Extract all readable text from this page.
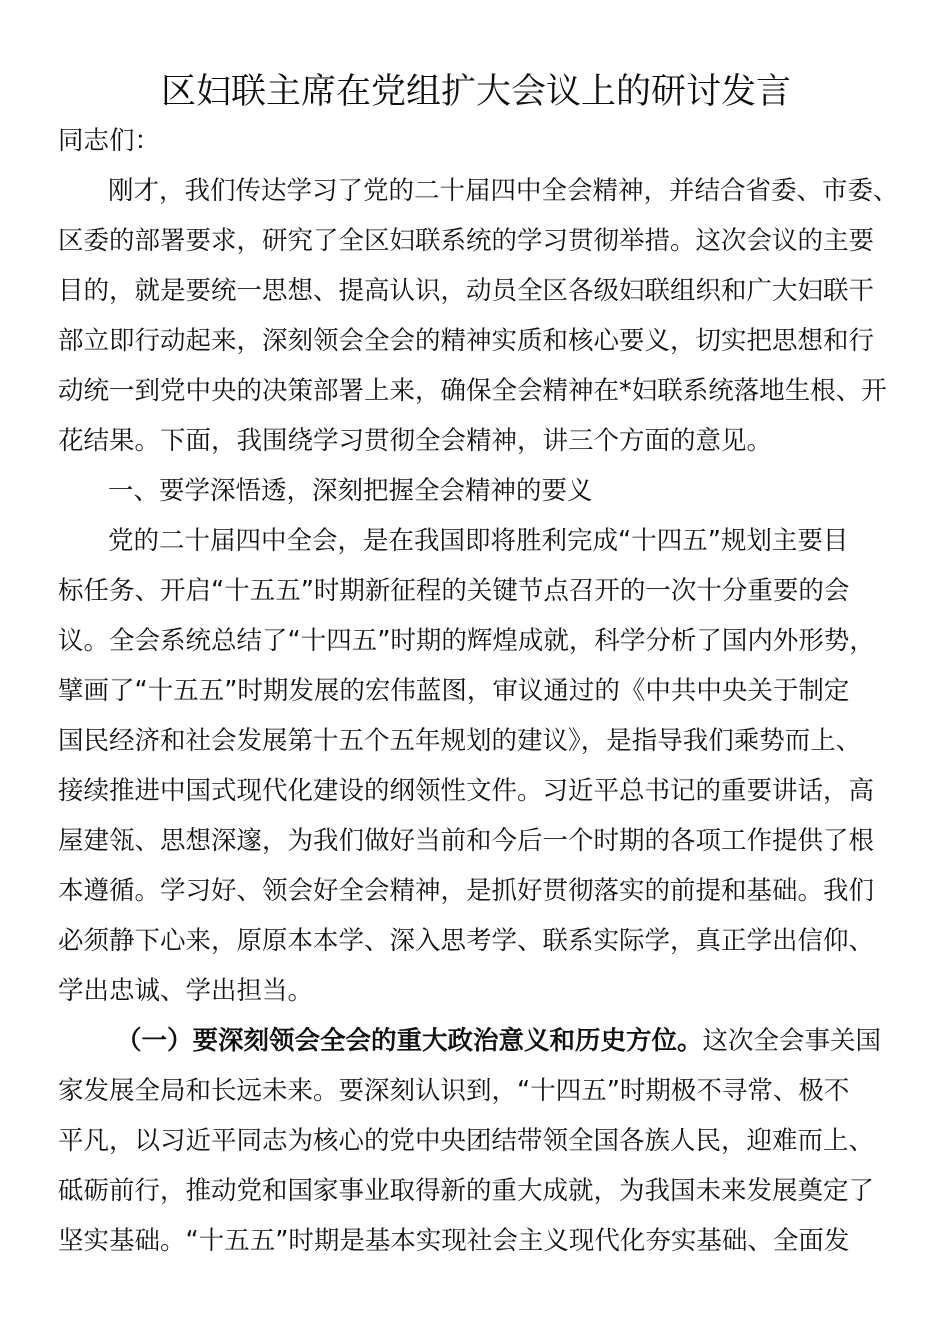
区妇联主席在党组扩大会议上的研讨发言
同志们：
刚才，我们传达学习了党的二十届四中全会精神，并结合省委、市委、
区委的部署要求，研究了全区妇联系统的学习贯彻举措。这次会议的主要
目的，就是要统一思想、提高认识，动员全区各级妇联组织和广大妇联干
部立即行动起来，深刻领会全会的精神实质和核心要义，切实把思想和行
动统一到党中央的决策部署上来，确保全会精神在*妇联系统落地生根、开
花结果。下面，我围绕学习贯彻全会精神，讲三个方面的意见。
一、要学深悟透，深刻把握全会精神的要义
党的二十届四中全会，是在我国即将胜利完成“十四五”规划主要目
标任务、开启“十五五”时期新征程的关键节点召开的一次十分重要的会
议。全会系统总结了“十四五”时期的辉煌成就，科学分析了国内外形势，
擘画了“十五五”时期发展的宏伟蓝图，审议通过的《中共中央关于制定
国民经济和社会发展第十五个五年规划的建议》，是指导我们乘势而上、
接续推进中国式现代化建设的纲领性文件。习近平总书记的重要讲话，高
屋建瓴、思想深邃，为我们做好当前和今后一个时期的各项工作提供了根
本遵循。学习好、领会好全会精神，是抓好贯彻落实的前提和基础。我们
必须静下心来，原原本本学、深入思考学、联系实际学，真正学出信仰、
学出忠诚、学出担当。
（一）要深刻领会全会的重大政治意义和历史方位。这次全会事关国
家发展全局和长远未来。要深刻认识到，“十四五”时期极不寻常、极不
平凡，以习近平同志为核心的党中央团结带领全国各族人民，迎难而上、
砥砺前行，推动党和国家事业取得新的重大成就，为我国未来发展奠定了
坚实基础。“十五五”时期是基本实现社会主义现代化夯实基础、全面发
